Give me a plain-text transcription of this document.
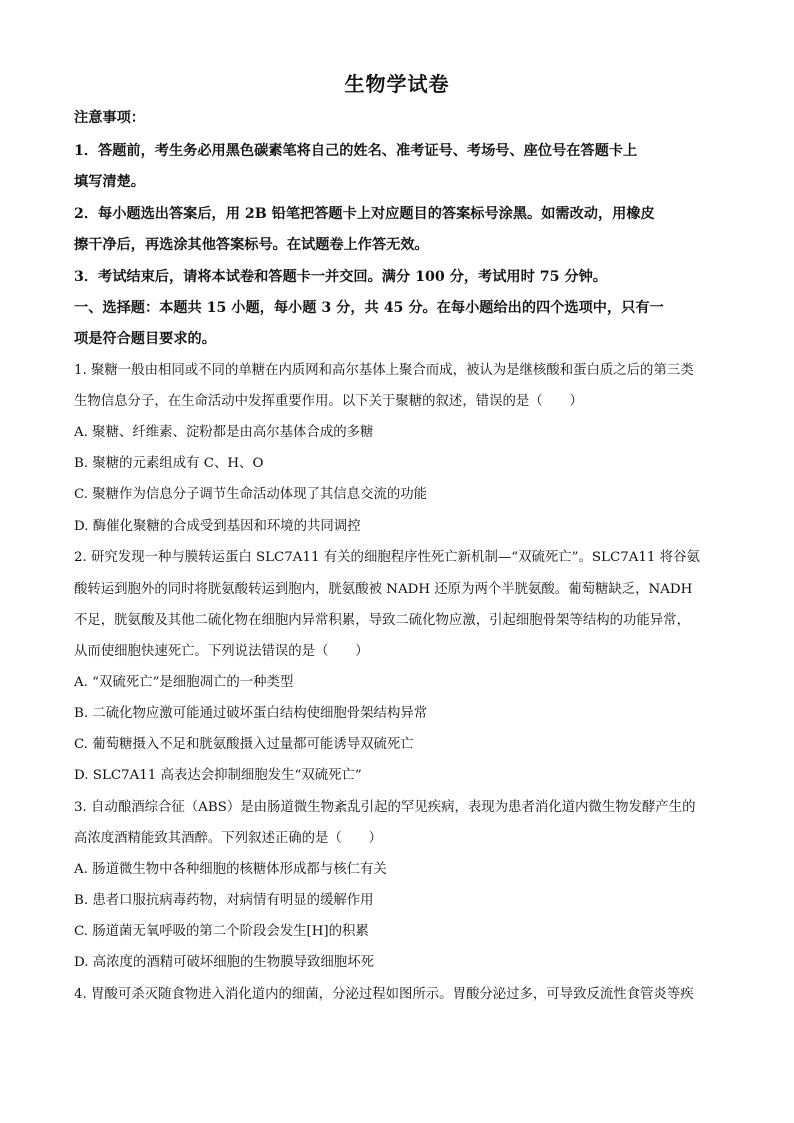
生物学试卷
注意事项：
1．答题前，考生务必用黑色碳素笔将自己的姓名、准考证号、考场号、座位号在答题卡上
填写清楚。
2．每小题选出答案后，用 2B 铅笔把答题卡上对应题目的答案标号涂黑。如需改动，用橡皮
擦干净后，再选涂其他答案标号。在试题卷上作答无效。
3．考试结束后，请将本试卷和答题卡一并交回。满分 100 分，考试用时 75 分钟。
一、选择题：本题共 15 小题，每小题 3 分，共 45 分。在每小题给出的四个选项中，只有一
项是符合题目要求的。
1. 聚糖一般由相同或不同的单糖在内质网和高尔基体上聚合而成，被认为是继核酸和蛋白质之后的第三类
生物信息分子，在生命活动中发挥重要作用。以下关于聚糖的叙述，错误的是（　　）
A. 聚糖、纤维素、淀粉都是由高尔基体合成的多糖
B. 聚糖的元素组成有 C、H、O
C. 聚糖作为信息分子调节生命活动体现了其信息交流的功能
D. 酶催化聚糖的合成受到基因和环境的共同调控
2. 研究发现一种与膜转运蛋白 SLC7A11 有关的细胞程序性死亡新机制—“双硫死亡”。SLC7A11 将谷氨
酸转运到胞外的同时将胱氨酸转运到胞内，胱氨酸被 NADH 还原为两个半胱氨酸。葡萄糖缺乏，NADH
不足，胱氨酸及其他二硫化物在细胞内异常积累，导致二硫化物应激，引起细胞骨架等结构的功能异常，
从而使细胞快速死亡。下列说法错误的是（　　）
A. “双硫死亡”是细胞凋亡的一种类型
B. 二硫化物应激可能通过破坏蛋白结构使细胞骨架结构异常
C. 葡萄糖摄入不足和胱氨酸摄入过量都可能诱导双硫死亡
D. SLC7A11 高表达会抑制细胞发生“双硫死亡”
3. 自动酿酒综合征（ABS）是由肠道微生物紊乱引起的罕见疾病，表现为患者消化道内微生物发酵产生的
高浓度酒精能致其酒醉。下列叙述正确的是（　　）
A. 肠道微生物中各种细胞的核糖体形成都与核仁有关
B. 患者口服抗病毒药物，对病情有明显的缓解作用
C. 肠道菌无氧呼吸的第二个阶段会发生[H]的积累
D. 高浓度的酒精可破坏细胞的生物膜导致细胞坏死
4. 胃酸可杀灭随食物进入消化道内的细菌，分泌过程如图所示。胃酸分泌过多，可导致反流性食管炎等疾
